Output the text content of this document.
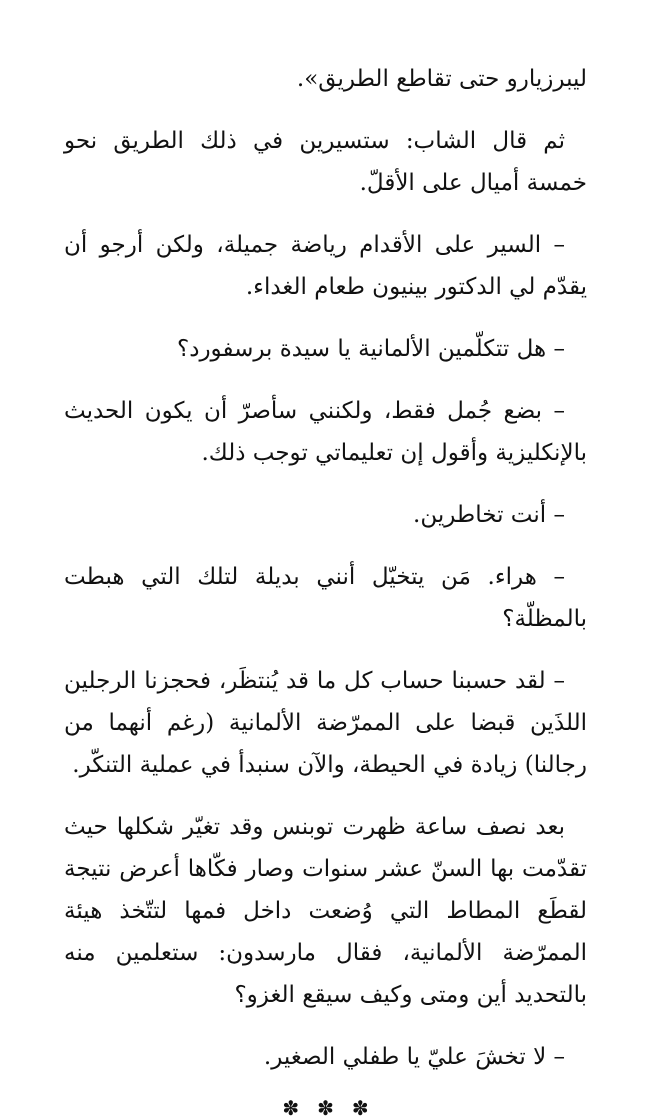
ليبرزيارو حتى تقاطع الطريق».

ثم قال الشاب: ستسيرين في ذلك الطريق نحو خمسة أميال على الأقلّ.

– السير على الأقدام رياضة جميلة، ولكن أرجو أن يقدّم لي الدكتور بينيون طعام الغداء.

– هل تتكلّمين الألمانية يا سيدة برسفورد؟

– بضع جُمل فقط، ولكنني سأصرّ أن يكون الحديث بالإنكليزية وأقول إن تعليماتي توجب ذلك.

– أنت تخاطرين.

– هراء. مَن يتخيّل أنني بديلة لتلك التي هبطت بالمظلّة؟

– لقد حسبنا حساب كل ما قد يُنتظَر، فحجزنا الرجلين اللذَين قبضا على الممرّضة الألمانية (رغم أنهما من رجالنا) زيادة في الحيطة، والآن سنبدأ في عملية التنكّر.

بعد نصف ساعة ظهرت توبنس وقد تغيّر شكلها حيث تقدّمت بها السنّ عشر سنوات وصار فكّاها أعرض نتيجة لقطَع المطاط التي وُضعت داخل فمها لتتّخذ هيئة الممرّضة الألمانية، فقال مارسدون: ستعلمين منه بالتحديد أين ومتى وكيف سيقع الغزو؟

– لا تخشَ عليّ يا طفلي الصغير.

✽ ✽ ✽
